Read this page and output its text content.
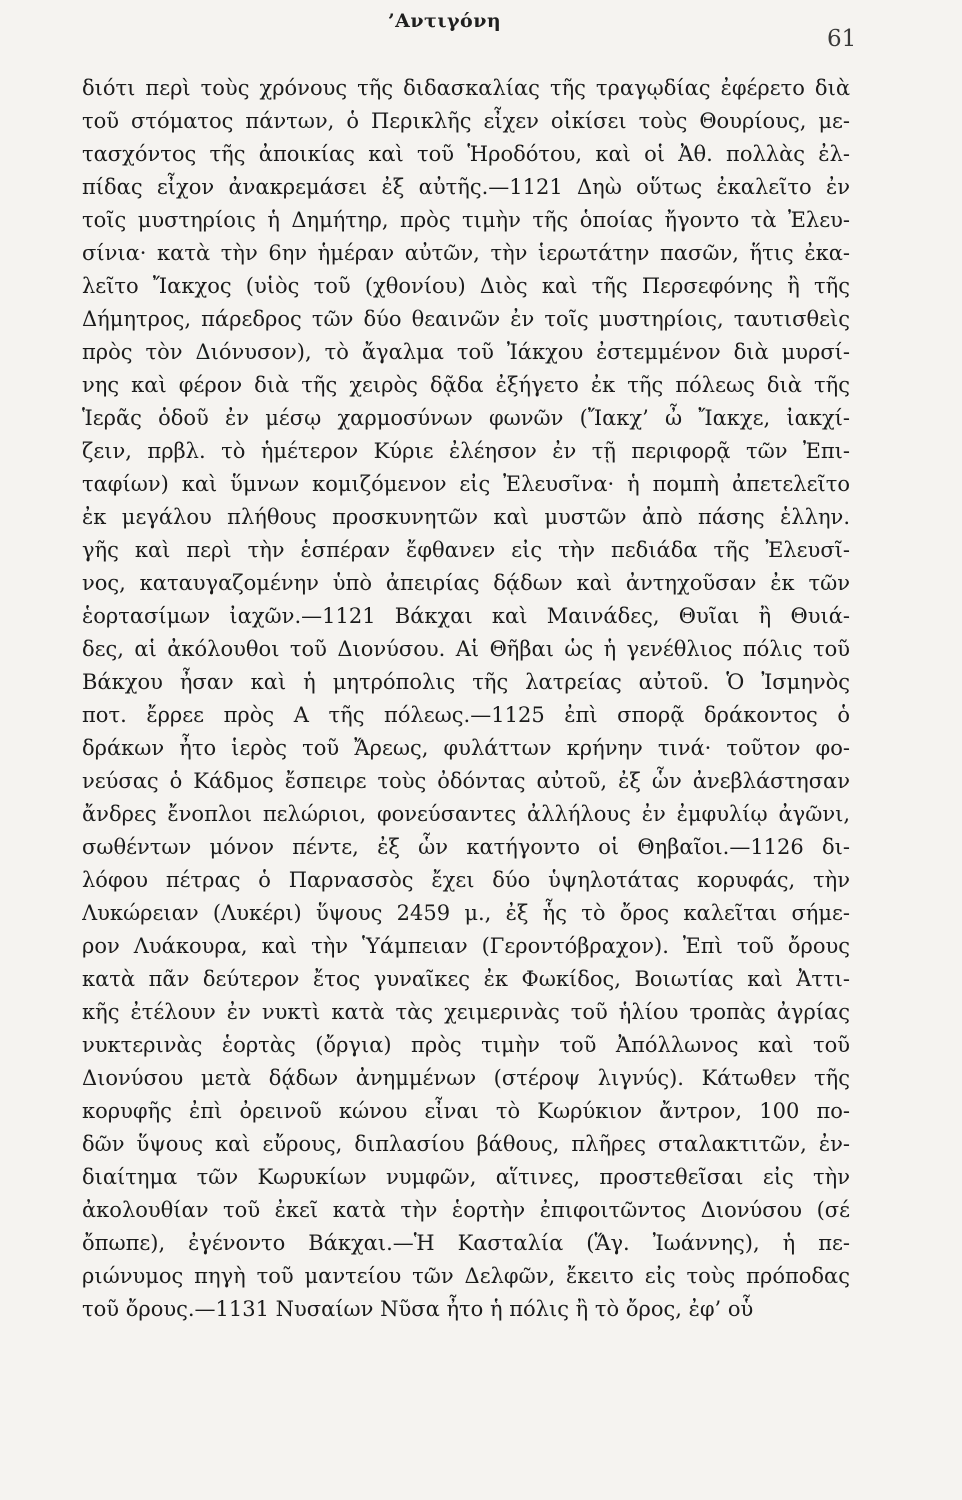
’Αντιγόνη
61
διότι περὶ τοὺς χρόνους τῆς διδασκαλίας τῆς τραγῳδίας ἐφέρετο διὰ
τοῦ στόματος πάντων, ὁ Περικλῆς εἶχεν οἰκίσει τοὺς Θουρίους, με-
τασχόντος τῆς ἀποικίας καὶ τοῦ Ἡροδότου, καὶ οἱ Ἀθ. πολλὰς ἐλ-
πίδας εἶχον ἀνακρεμάσει ἐξ αὐτῆς.—1121 Δηὼ οὕτως ἐκαλεῖτο ἐν
τοῖς μυστηρίοις ἡ Δημήτηρ, πρὸς τιμὴν τῆς ὁποίας ἤγοντο τὰ Ἐλευ-
σίνια· κατὰ τὴν 6ην ἡμέραν αὐτῶν, τὴν ἱερωτάτην πασῶν, ἥτις ἐκα-
λεῖτο Ἴακχος (υἱὸς τοῦ (χθονίου) Διὸς καὶ τῆς Περσεφόνης ἢ τῆς
Δήμητρος, πάρεδρος τῶν δύο θεαινῶν ἐν τοῖς μυστηρίοις, ταυτισθεὶς
πρὸς τὸν Διόνυσον), τὸ ἄγαλμα τοῦ Ἰάκχου ἐστεμμένον διὰ μυρσί-
νης καὶ φέρον διὰ τῆς χειρὸς δᾷδα ἐξήγετο ἐκ τῆς πόλεως διὰ τῆς
Ἱερᾶς ὁδοῦ ἐν μέσῳ χαρμοσύνων φωνῶν (Ἴακχ’ ὦ Ἴακχε, ἰακχί-
ζειν, πρβλ. τὸ ἡμέτερον Κύριε ἐλέησον ἐν τῇ περιφορᾷ τῶν Ἐπι-
ταφίων) καὶ ὕμνων κομιζόμενον εἰς Ἐλευσῖνα· ἡ πομπὴ ἀπετελεῖτο
ἐκ μεγάλου πλήθους προσκυνητῶν καὶ μυστῶν ἀπὸ πάσης ἑλλην.
γῆς καὶ περὶ τὴν ἑσπέραν ἔφθανεν εἰς τὴν πεδιάδα τῆς Ἐλευσῖ-
νος, καταυγαζομένην ὑπὸ ἀπειρίας δᾴδων καὶ ἀντηχοῦσαν ἐκ τῶν
ἑορτασίμων ἰαχῶν.—1121 Βάκχαι καὶ Μαινάδες, Θυῖαι ἢ Θυιά-
δες, αἱ ἀκόλουθοι τοῦ Διονύσου. Αἱ Θῆβαι ὡς ἡ γενέθλιος πόλις τοῦ
Βάκχου ἦσαν καὶ ἡ μητρόπολις τῆς λατρείας αὐτοῦ. Ὁ Ἰσμηνὸς
ποτ. ἔρρεε πρὸς Α τῆς πόλεως.—1125 ἐπὶ σπορᾷ δράκοντος ὁ
δράκων ἦτο ἱερὸς τοῦ Ἄρεως, φυλάττων κρήνην τινά· τοῦτον φο-
νεύσας ὁ Κάδμος ἔσπειρε τοὺς ὀδόντας αὐτοῦ, ἐξ ὧν ἀνεβλάστησαν
ἄνδρες ἔνοπλοι πελώριοι, φονεύσαντες ἀλλήλους ἐν ἐμφυλίῳ ἀγῶνι,
σωθέντων μόνον πέντε, ἐξ ὧν κατήγοντο οἱ Θηβαῖοι.—1126 δι-
λόφου πέτρας ὁ Παρνασσὸς ἔχει δύο ὑψηλοτάτας κορυφάς, τὴν
Λυκώρειαν (Λυκέρι) ὕψους 2459 μ., ἐξ ἧς τὸ ὄρος καλεῖται σήμε-
ρον Λυάκουρα, καὶ τὴν Ὑάμπειαν (Γεροντόβραχον). Ἐπὶ τοῦ ὄρους
κατὰ πᾶν δεύτερον ἔτος γυναῖκες ἐκ Φωκίδος, Βοιωτίας καὶ Ἀττι-
κῆς ἐτέλουν ἐν νυκτὶ κατὰ τὰς χειμερινὰς τοῦ ἡλίου τροπὰς ἀγρίας
νυκτερινὰς ἑορτὰς (ὄργια) πρὸς τιμὴν τοῦ Ἀπόλλωνος καὶ τοῦ
Διονύσου μετὰ δᾴδων ἀνημμένων (στέροψ λιγνύς). Κάτωθεν τῆς
κορυφῆς ἐπὶ ὀρεινοῦ κώνου εἶναι τὸ Κωρύκιον ἄντρον, 100 πο-
δῶν ὕψους καὶ εὔρους, διπλασίου βάθους, πλῆρες σταλακτιτῶν, ἐν-
διαίτημα τῶν Κωρυκίων νυμφῶν, αἵτινες, προστεθεῖσαι εἰς τὴν
ἀκολουθίαν τοῦ ἐκεῖ κατὰ τὴν ἑορτὴν ἐπιφοιτῶντος Διονύσου (σέ
ὄπωπε), ἐγένοντο Βάκχαι.—Ἡ Κασταλία (Ἅγ. Ἰωάννης), ἡ πε-
ριώνυμος πηγὴ τοῦ μαντείου τῶν Δελφῶν, ἔκειτο εἰς τοὺς πρόποδας
τοῦ ὄρους.—1131 Νυσαίων Νῦσα ἦτο ἡ πόλις ἢ τὸ ὄρος, ἐφ’ οὗ
